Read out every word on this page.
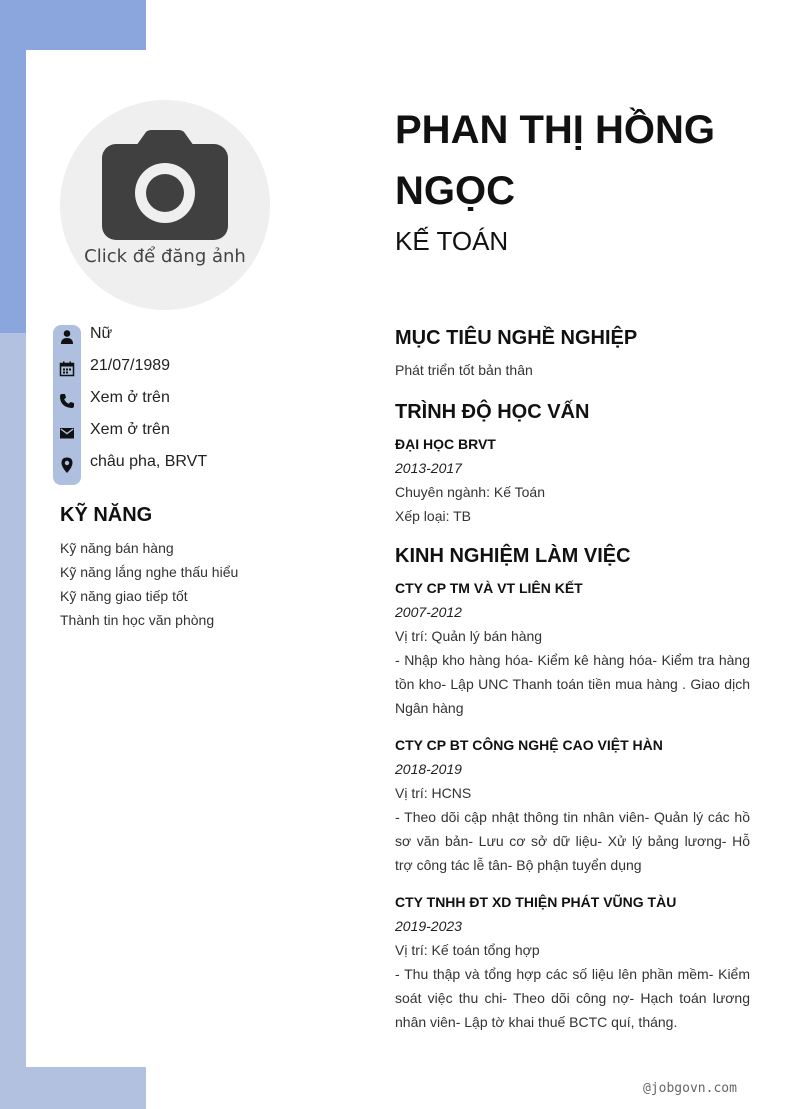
Click để đăng ảnh
Nữ
21/07/1989
Xem ở trên
Xem ở trên
châu pha, BRVT
KỸ NĂNG
Kỹ năng bán hàng
Kỹ năng lắng nghe thấu hiểu
Kỹ năng giao tiếp tốt
Thành tin học văn phòng
PHAN THỊ HỒNG NGỌC
KẾ TOÁN
MỤC TIÊU NGHỀ NGHIỆP
Phát triển tốt bản thân
TRÌNH ĐỘ HỌC VẤN
ĐẠI HỌC BRVT
2013-2017
Chuyên ngành: Kế Toán
Xếp loại: TB
KINH NGHIỆM LÀM VIỆC
CTY CP TM VÀ VT LIÊN KẾT
2007-2012
Vị trí: Quản lý bán hàng
- Nhập kho hàng hóa- Kiểm kê hàng hóa- Kiểm tra hàng tồn kho- Lập UNC Thanh toán tiền mua hàng . Giao dịch Ngân hàng
CTY CP BT CÔNG NGHỆ CAO VIỆT HÀN
2018-2019
Vị trí: HCNS
- Theo dõi cập nhật thông tin nhân viên- Quản lý các hồ sơ văn bản- Lưu cơ sở dữ liệu- Xử lý bảng lương- Hỗ trợ công tác lễ tân- Bộ phận tuyển dụng
CTY TNHH ĐT XD THIỆN PHÁT VŨNG TÀU
2019-2023
Vị trí: Kế toán tổng hợp
- Thu thập và tổng hợp các số liệu lên phần mềm- Kiểm soát việc thu chi- Theo dõi công nợ- Hạch toán lương nhân viên- Lập tờ khai thuế BCTC quí, tháng.
@jobgovn.com
